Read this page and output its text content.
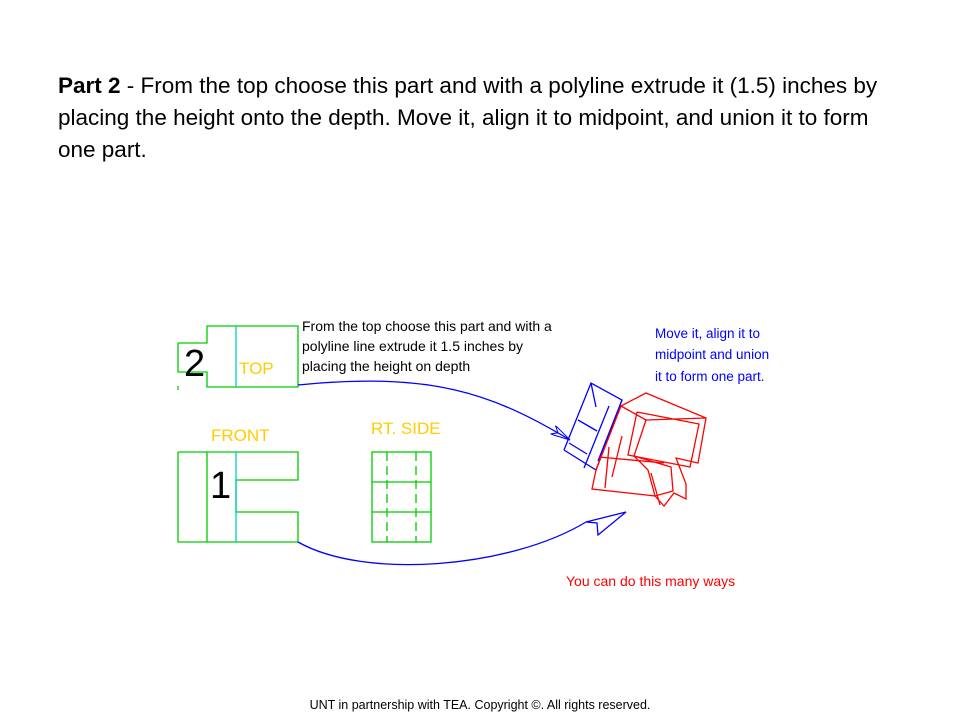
Part 2 - From the top choose this part and with a polyline extrude it (1.5) inches by placing the height onto the depth. Move it, align it to midpoint, and union it to form one part.
2 TOP
FRONT
1
RT. SIDE
From the top choose this part and with a
polyline line extrude it 1.5 inches by
placing the height on depth
Move it, align it to
midpoint and union
it to form one part.
You can do this many ways
UNT in partnership with TEA. Copyright ©. All rights reserved.
